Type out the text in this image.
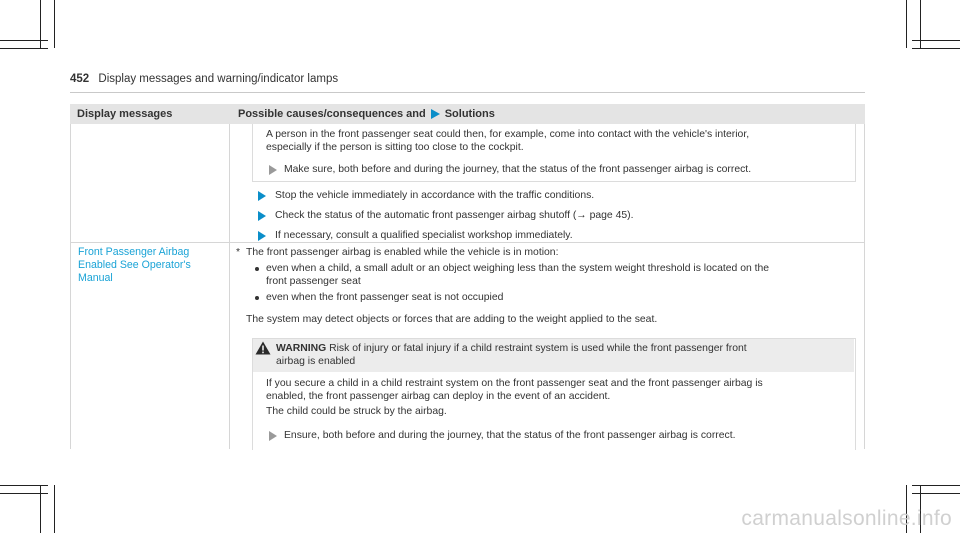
452 Display messages and warning/indicator lamps
Display messages	Possible causes/consequences and Solutions
A person in the front passenger seat could then, for example, come into contact with the vehicle's interior,
especially if the person is sitting too close to the cockpit.
Make sure, both before and during the journey, that the status of the front passenger airbag is correct.
Stop the vehicle immediately in accordance with the traffic conditions.
Check the status of the automatic front passenger airbag shutoff (→ page 45).
If necessary, consult a qualified specialist workshop immediately.
Front Passenger Airbag
Enabled See Operator's
Manual
* The front passenger airbag is enabled while the vehicle is in motion:
even when a child, a small adult or an object weighing less than the system weight threshold is located on the
front passenger seat
even when the front passenger seat is not occupied
The system may detect objects or forces that are adding to the weight applied to the seat.
WARNING Risk of injury or fatal injury if a child restraint system is used while the front passenger front
airbag is enabled
If you secure a child in a child restraint system on the front passenger seat and the front passenger airbag is
enabled, the front passenger airbag can deploy in the event of an accident.
The child could be struck by the airbag.
Ensure, both before and during the journey, that the status of the front passenger airbag is correct.
carmanualsonline.info
